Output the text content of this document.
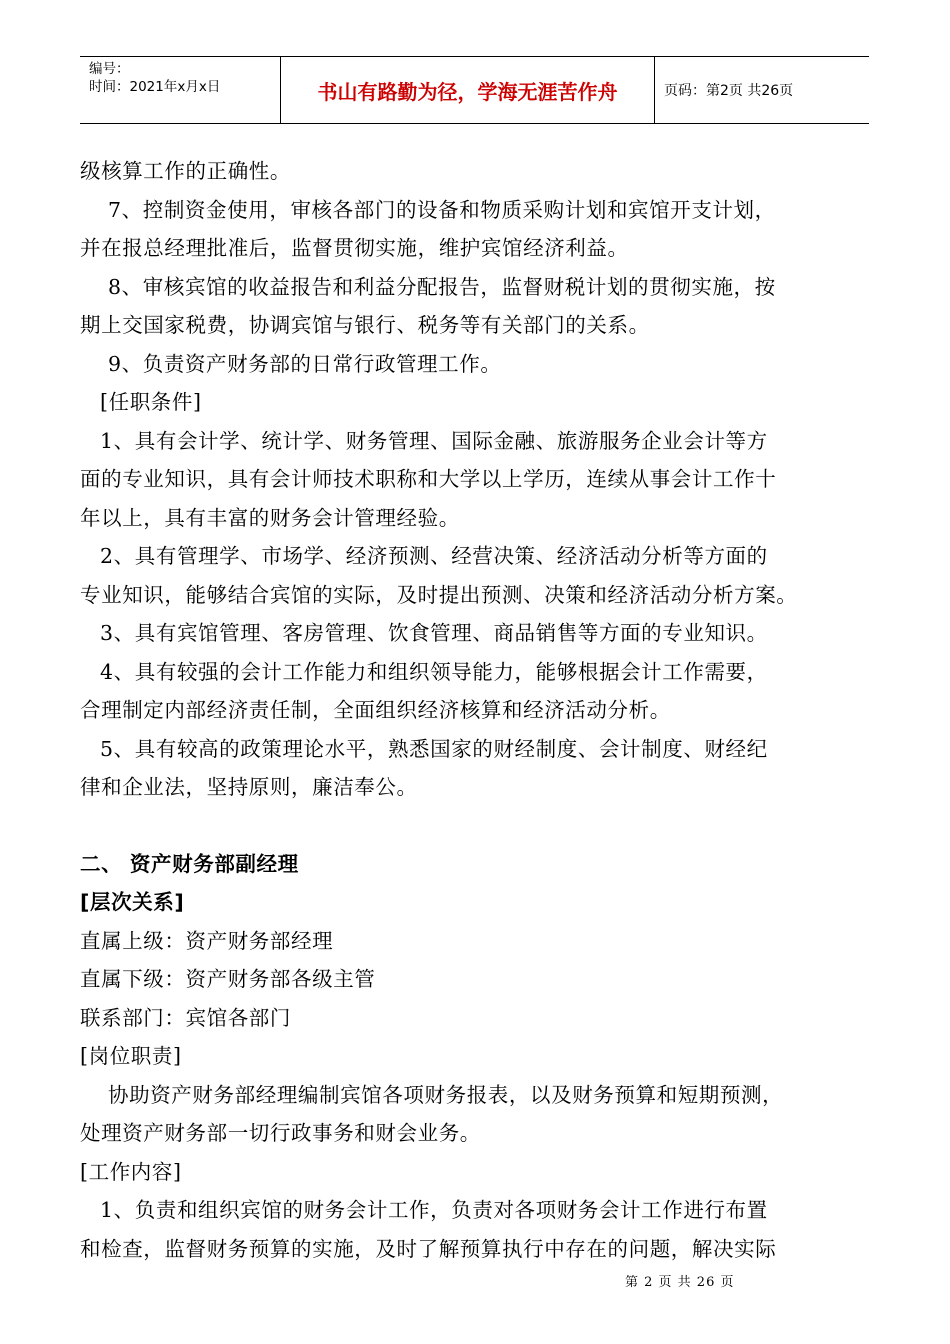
编号：
时间：2021年x月x日	书山有路勤为径，学海无涯苦作舟	页码：第2页 共26页
级核算工作的正确性。
7、控制资金使用，审核各部门的设备和物质采购计划和宾馆开支计划，
并在报总经理批准后，监督贯彻实施，维护宾馆经济利益。
8、审核宾馆的收益报告和利益分配报告，监督财税计划的贯彻实施，按
期上交国家税费，协调宾馆与银行、税务等有关部门的关系。
9、负责资产财务部的日常行政管理工作。
[任职条件]
1、具有会计学、统计学、财务管理、国际金融、旅游服务企业会计等方
面的专业知识，具有会计师技术职称和大学以上学历，连续从事会计工作十
年以上，具有丰富的财务会计管理经验。
2、具有管理学、市场学、经济预测、经营决策、经济活动分析等方面的
专业知识，能够结合宾馆的实际，及时提出预测、决策和经济活动分析方案。
3、具有宾馆管理、客房管理、饮食管理、商品销售等方面的专业知识。
4、具有较强的会计工作能力和组织领导能力，能够根据会计工作需要，
合理制定内部经济责任制，全面组织经济核算和经济活动分析。
5、具有较高的政策理论水平，熟悉国家的财经制度、会计制度、财经纪
律和企业法，坚持原则，廉洁奉公。
二、 资产财务部副经理
[层次关系]
直属上级：资产财务部经理
直属下级：资产财务部各级主管
联系部门：宾馆各部门
[岗位职责]
协助资产财务部经理编制宾馆各项财务报表，以及财务预算和短期预测，
处理资产财务部一切行政事务和财会业务。
[工作内容]
1、负责和组织宾馆的财务会计工作，负责对各项财务会计工作进行布置
和检查，监督财务预算的实施，及时了解预算执行中存在的问题，解决实际
第 2 页 共 26 页
